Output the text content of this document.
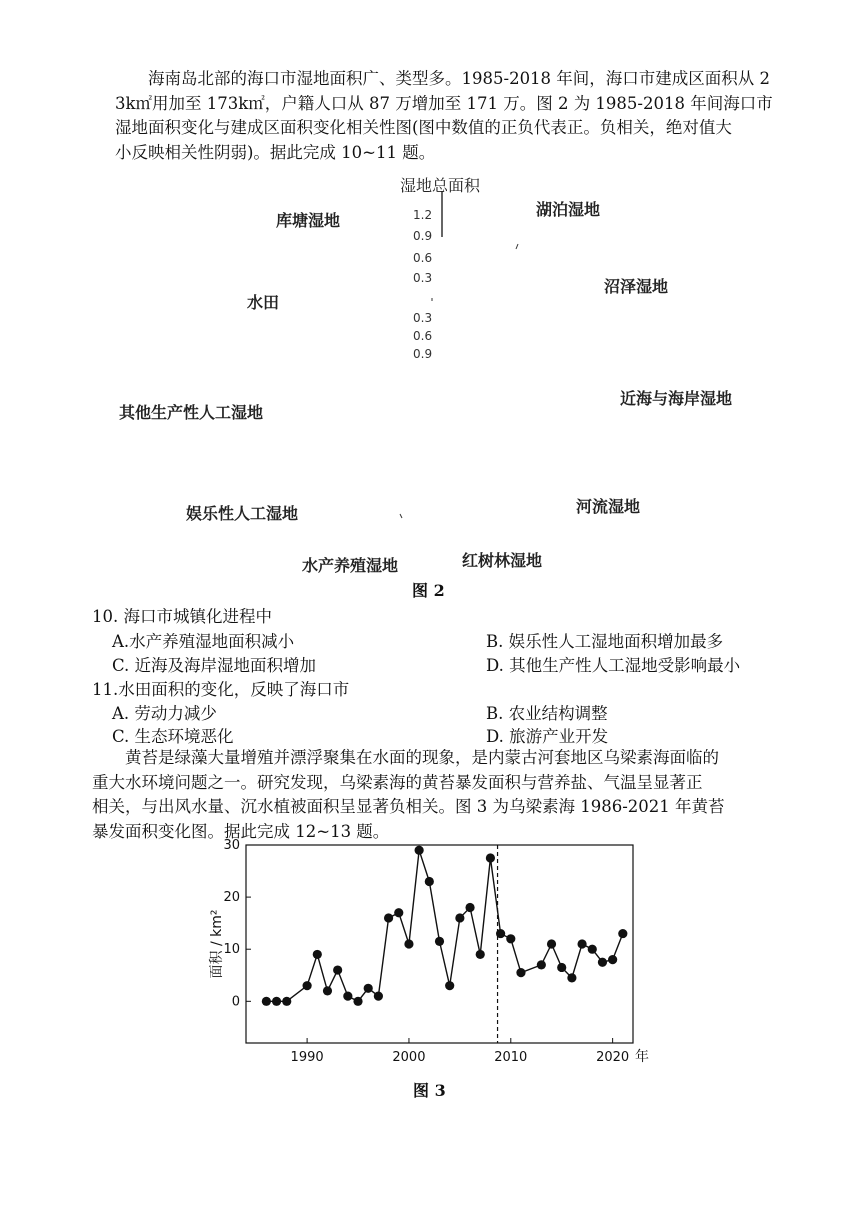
海南岛北部的海口市湿地面积广、类型多。1985-2018 年间，海口市建成区面积从 2
3k㎡用加至 173k㎡，户籍人口从 87 万增加至 171 万。图 2 为 1985-2018 年间海口市
湿地面积变化与建成区面积变化相关性图(图中数值的正负代表正。负相关，绝对值大
小反映相关性阴弱)。据此完成 10~11 题。
湿地总面积
1.2
0.9
0.6
0.3
0.3
0.6
0.9
库塘湿地
湖泊湿地
水田
沼泽湿地
其他生产性人工湿地
近海与海岸湿地
娱乐性人工湿地	河流湿地
水产养殖湿地	红树林湿地
图 2
10. 海口市城镇化进程中
A.水产养殖湿地面积减小	B. 娱乐性人工湿地面积增加最多
C. 近海及海岸湿地面积增加	D. 其他生产性人工湿地受影响最小
11.水田面积的变化，反映了海口市
A. 劳动力减少	B. 农业结构调整
C. 生态环境恶化	D. 旅游产业开发
黄苔是绿藻大量增殖并漂浮聚集在水面的现象，是内蒙古河套地区乌梁素海面临的
重大水环境问题之一。研究发现，乌梁素海的黄苔暴发面积与营养盐、气温呈显著正
相关，与出风水量、沉水植被面积呈显著负相关。图 3 为乌梁素海 1986-2021 年黄苔
暴发面积变化图。据此完成 12~13 题。
0
10
20
30
1990	2000	2010	2020 年
面积 / km²
图 3
